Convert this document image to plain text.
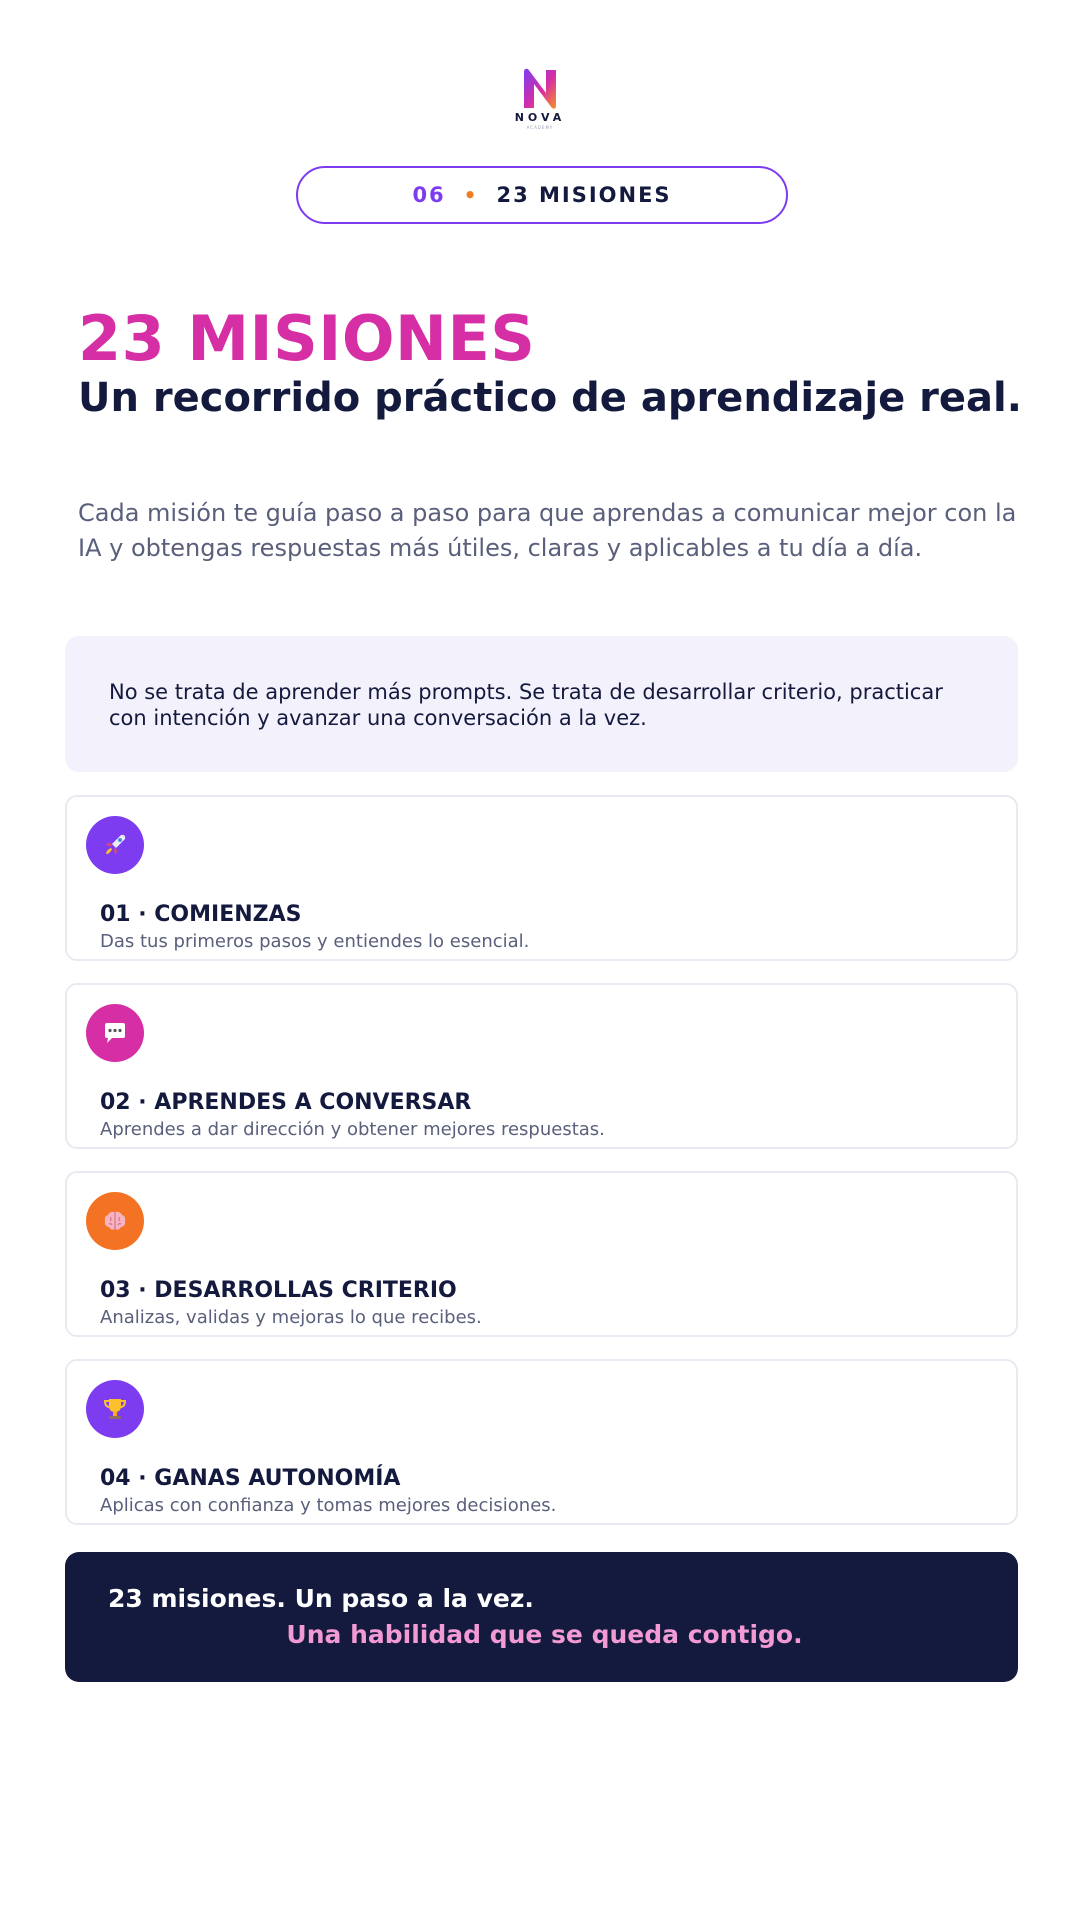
NOVA
ACADEMY
06 • 23 MISIONES
23 MISIONES
Un recorrido práctico de aprendizaje real.

Cada misión te guía paso a paso para que aprendas a comunicar mejor con la IA y obtengas respuestas más útiles, claras y aplicables a tu día a día.

No se trata de aprender más prompts. Se trata de desarrollar criterio, practicar con intención y avanzar una conversación a la vez.

01 · COMIENZAS
Das tus primeros pasos y entiendes lo esencial.
02 · APRENDES A CONVERSAR
Aprendes a dar dirección y obtener mejores respuestas.
03 · DESARROLLAS CRITERIO
Analizas, validas y mejoras lo que recibes.
04 · GANAS AUTONOMÍA
Aplicas con confianza y tomas mejores decisiones.
23 misiones. Un paso a la vez.
Una habilidad que se queda contigo.
